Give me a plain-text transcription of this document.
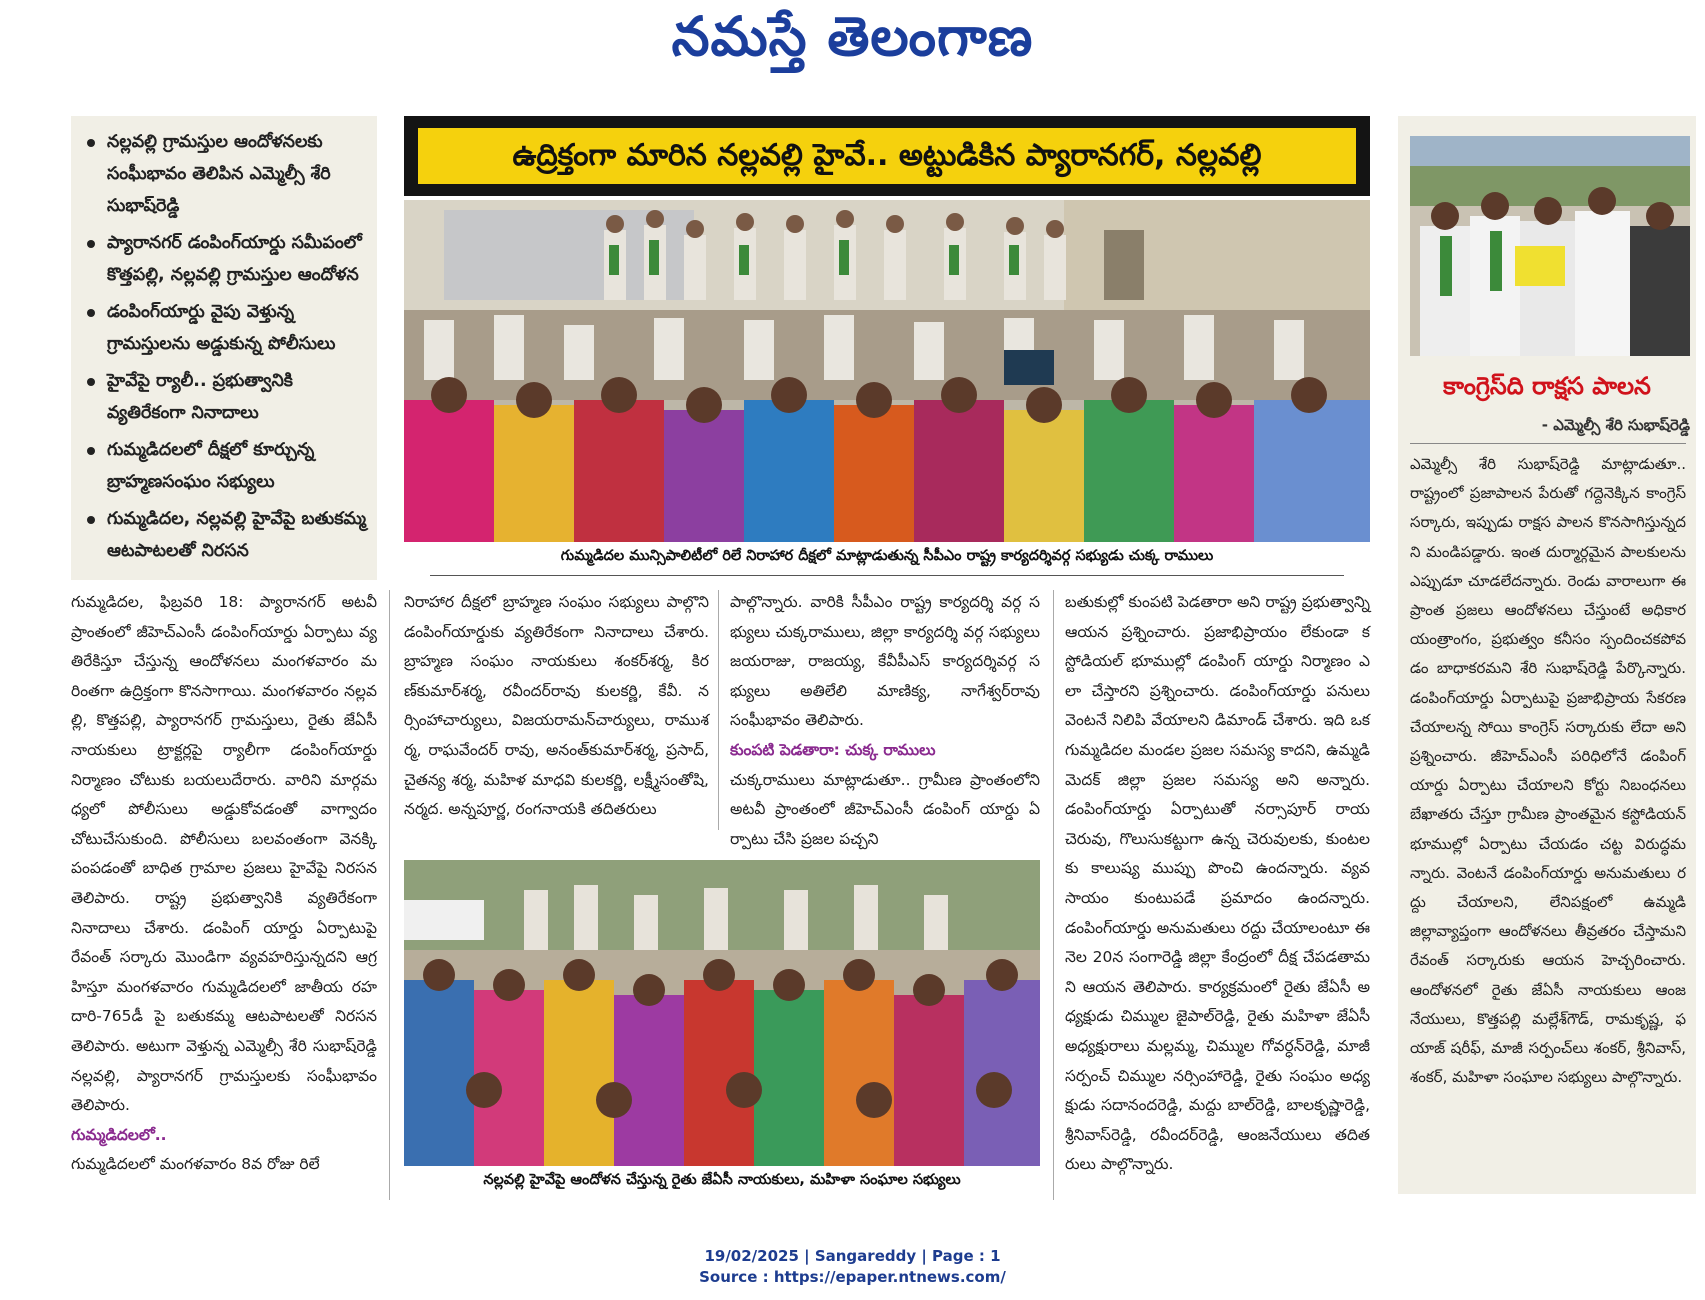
నమస్తే తెలంగాణ
నల్లవల్లి గ్రామస్తుల ఆందోళనలకు సంఘీభావం తెలిపిన ఎమ్మెల్సీ శేరి సుభాష్‌రెడ్డి
ప్యారానగర్ డంపింగ్‌యార్డు సమీపంలో కొత్తపల్లి, నల్లవల్లి గ్రామస్తుల ఆందోళన
డంపింగ్‌యార్డు వైపు వెళ్తున్న గ్రామస్తులను అడ్డుకున్న పోలీసులు
హైవేపై ర్యాలీ.. ప్రభుత్వానికి వ్యతిరేకంగా నినాదాలు
గుమ్మడిదలలో దీక్షలో కూర్చున్న బ్రాహ్మణసంఘం సభ్యులు
గుమ్మడిదల, నల్లవల్లి హైవేపై బతుకమ్మ ఆటపాటలతో నిరసన
ఉద్రిక్తంగా మారిన నల్లవల్లి హైవే.. అట్టుడికిన ప్యారానగర్, నల్లవల్లి
గుమ్మడిదల మున్సిపాలిటీలో రిలే నిరాహార దీక్షలో మాట్లాడుతున్న సీపీఎం రాష్ట్ర కార్యదర్శివర్గ సభ్యుడు చుక్క రాములు

గుమ్మడిదల, ఫిబ్రవరి 18: ప్యారానగర్ అటవీ ప్రాంతంలో జీహెచ్ఎంసీ డంపింగ్‌యార్డు ఏర్పాటు వ్యతిరేకిస్తూ చేస్తున్న ఆందోళనలు మంగళవారం మరింతగా ఉద్రిక్తంగా కొనసాగాయి. మంగళవారం నల్లవల్లి, కొత్తపల్లి, ప్యారానగర్ గ్రామస్తులు, రైతు జేఏసీ నాయకులు ట్రాక్టర్లపై ర్యాలీగా డంపింగ్‌యార్డు నిర్మాణం చోటుకు బయలుదేరారు. వారిని మార్గమధ్యలో పోలీసులు అడ్డుకోవడంతో వాగ్వాదం చోటుచేసుకుంది. పోలీసులు బలవంతంగా వెనక్కి పంపడంతో బాధిత గ్రామాల ప్రజలు హైవేపై నిరసన తెలిపారు. రాష్ట్ర ప్రభుత్వానికి వ్యతిరేకంగా నినాదాలు చేశారు. డంపింగ్ యార్డు ఏర్పాటుపై రేవంత్ సర్కారు మొండిగా వ్యవహరిస్తున్నదని ఆగ్రహిస్తూ మంగళవారం గుమ్మడిదలలో జాతీయ రహదారి-765డీ పై బతుకమ్మ ఆటపాటలతో నిరసన తెలిపారు. అటుగా వెళ్తున్న ఎమ్మెల్సీ శేరి సుభాష్‌రెడ్డి నల్లవల్లి, ప్యారానగర్ గ్రామస్తులకు సంఘీభావం తెలిపారు.

గుమ్మడిదలలో..

గుమ్మడిదలలో మంగళవారం 8వ రోజు రిలే

నిరాహార దీక్షలో బ్రాహ్మణ సంఘం సభ్యులు పాల్గొని డంపింగ్‌యార్డుకు వ్యతిరేకంగా నినాదాలు చేశారు. బ్రాహ్మణ సంఘం నాయకులు శంకర్‌శర్మ, కిరణ్‌కుమార్‌శర్మ, రవీందర్‌రావు కులకర్ణి, కేవీ. నర్సింహాచార్యులు, విజయరామన్‌చార్యులు, రాముశర్మ, రాఘవేందర్ రావు, అనంత్‌కుమార్‌శర్మ, ప్రసాద్, చైతన్య శర్మ, మహిళ మాధవి కులకర్ణి, లక్ష్మీసంతోషి, నర్మద. అన్నపూర్ణ, రంగనాయకి తదితరులు

పాల్గొన్నారు. వారికి సీపీఎం రాష్ట్ర కార్యదర్శి వర్గ సభ్యులు చుక్కరాములు, జిల్లా కార్యదర్శి వర్గ సభ్యులు జయరాజు, రాజయ్య, కేవీపీఎస్ కార్యదర్శివర్గ సభ్యులు అతిలేలి మాణిక్య, నాగేశ్వర్‌రావు సంఘీభావం తెలిపారు.

కుంపటి పెడతారా: చుక్క రాములు

చుక్కరాములు మాట్లాడుతూ.. గ్రామీణ ప్రాంతంలోని అటవీ ప్రాంతంలో జీహెచ్ఎంసీ డంపింగ్ యార్డు ఏర్పాటు చేసి ప్రజల పచ్చని

నల్లవల్లి హైవేపై ఆందోళన చేస్తున్న రైతు జేఏసీ నాయకులు, మహిళా సంఘాల సభ్యులు

బతుకుల్లో కుంపటి పెడతారా అని రాష్ట్ర ప్రభుత్వాన్ని ఆయన ప్రశ్నించారు. ప్రజాభిప్రాయం లేకుండా కస్టోడియల్ భూముల్లో డంపింగ్ యార్డు నిర్మాణం ఎలా చేస్తారని ప్రశ్నించారు. డంపింగ్‌యార్డు పనులు వెంటనే నిలిపి వేయాలని డిమాండ్ చేశారు. ఇది ఒక గుమ్మడిదల మండల ప్రజల సమస్య కాదని, ఉమ్మడి మెదక్ జిల్లా ప్రజల సమస్య అని అన్నారు. డంపింగ్‌యార్డు ఏర్పాటుతో నర్సాపూర్ రాయ చెరువు, గొలుసుకట్టుగా ఉన్న చెరువులకు, కుంటలకు కాలుష్య ముప్పు పొంచి ఉందన్నారు. వ్యవసాయం కుంటుపడే ప్రమాదం ఉందన్నారు. డంపింగ్‌యార్డు అనుమతులు రద్దు చేయాలంటూ ఈనెల 20న సంగారెడ్డి జిల్లా కేంద్రంలో దీక్ష చేపడతామని ఆయన తెలిపారు. కార్యక్రమంలో రైతు జేఏసీ అధ్యక్షుడు చిమ్ముల జైపాల్‌రెడ్డి, రైతు మహిళా జేఏసీ అధ్యక్షురాలు మల్లమ్మ, చిమ్ముల గోవర్ధన్‌రెడ్డి, మాజీ సర్పంచ్ చిమ్ముల నర్సింహారెడ్డి, రైతు సంఘం అధ్యక్షుడు సదానందరెడ్డి, మద్దు బాల్‌రెడ్డి, బాలకృష్ణారెడ్డి, శ్రీనివాస్‌రెడ్డి, రవీందర్‌రెడ్డి, ఆంజనేయులు తదితరులు పాల్గొన్నారు.

కాంగ్రెస్‌ది రాక్షస పాలన
- ఎమ్మెల్సీ శేరి సుభాష్‌రెడ్డి

ఎమ్మెల్సీ శేరి సుభాష్‌రెడ్డి మాట్లాడుతూ.. రాష్ట్రంలో ప్రజాపాలన పేరుతో గద్దెనెక్కిన కాంగ్రెస్ సర్కారు, ఇప్పుడు రాక్షస పాలన కొనసాగిస్తున్నదని మండిపడ్డారు. ఇంత దుర్మార్గమైన పాలకులను ఎప్పుడూ చూడలేదన్నారు. రెండు వారాలుగా ఈ ప్రాంత ప్రజలు ఆందోళనలు చేస్తుంటే అధికార యంత్రాంగం, ప్రభుత్వం కనీసం స్పందించకపోవడం బాధాకరమని శేరి సుభాష్‌రెడ్డి పేర్కొన్నారు. డంపింగ్‌యార్డు ఏర్పాటుపై ప్రజాభిప్రాయ సేకరణ చేయాలన్న సోయి కాంగ్రెస్ సర్కారుకు లేదా అని ప్రశ్నించారు. జీహెచ్ఎంసీ పరిధిలోనే డంపింగ్ యార్డు ఏర్పాటు చేయాలని కోర్టు నిబంధనలు బేఖాతరు చేస్తూ గ్రామీణ ప్రాంతమైన కస్టోడియన్ భూముల్లో ఏర్పాటు చేయడం చట్ట విరుద్ధమన్నారు. వెంటనే డంపింగ్‌యార్డు అనుమతులు రద్దు చేయాలని, లేనిపక్షంలో ఉమ్మడి జిల్లావ్యాప్తంగా ఆందోళనలు తీవ్రతరం చేస్తామని రేవంత్ సర్కారుకు ఆయన హెచ్చరించారు. ఆందోళనలో రైతు జేఏసీ నాయకులు ఆంజనేయులు, కొత్తపల్లి మల్లేశ్‌గౌడ్, రామకృష్ణ, ఫయాజ్ షరీఫ్, మాజీ సర్పంచ్‌లు శంకర్, శ్రీనివాస్, శంకర్, మహిళా సంఘాల సభ్యులు పాల్గొన్నారు.

19/02/2025 | Sangareddy | Page : 1
Source : https://epaper.ntnews.com/
